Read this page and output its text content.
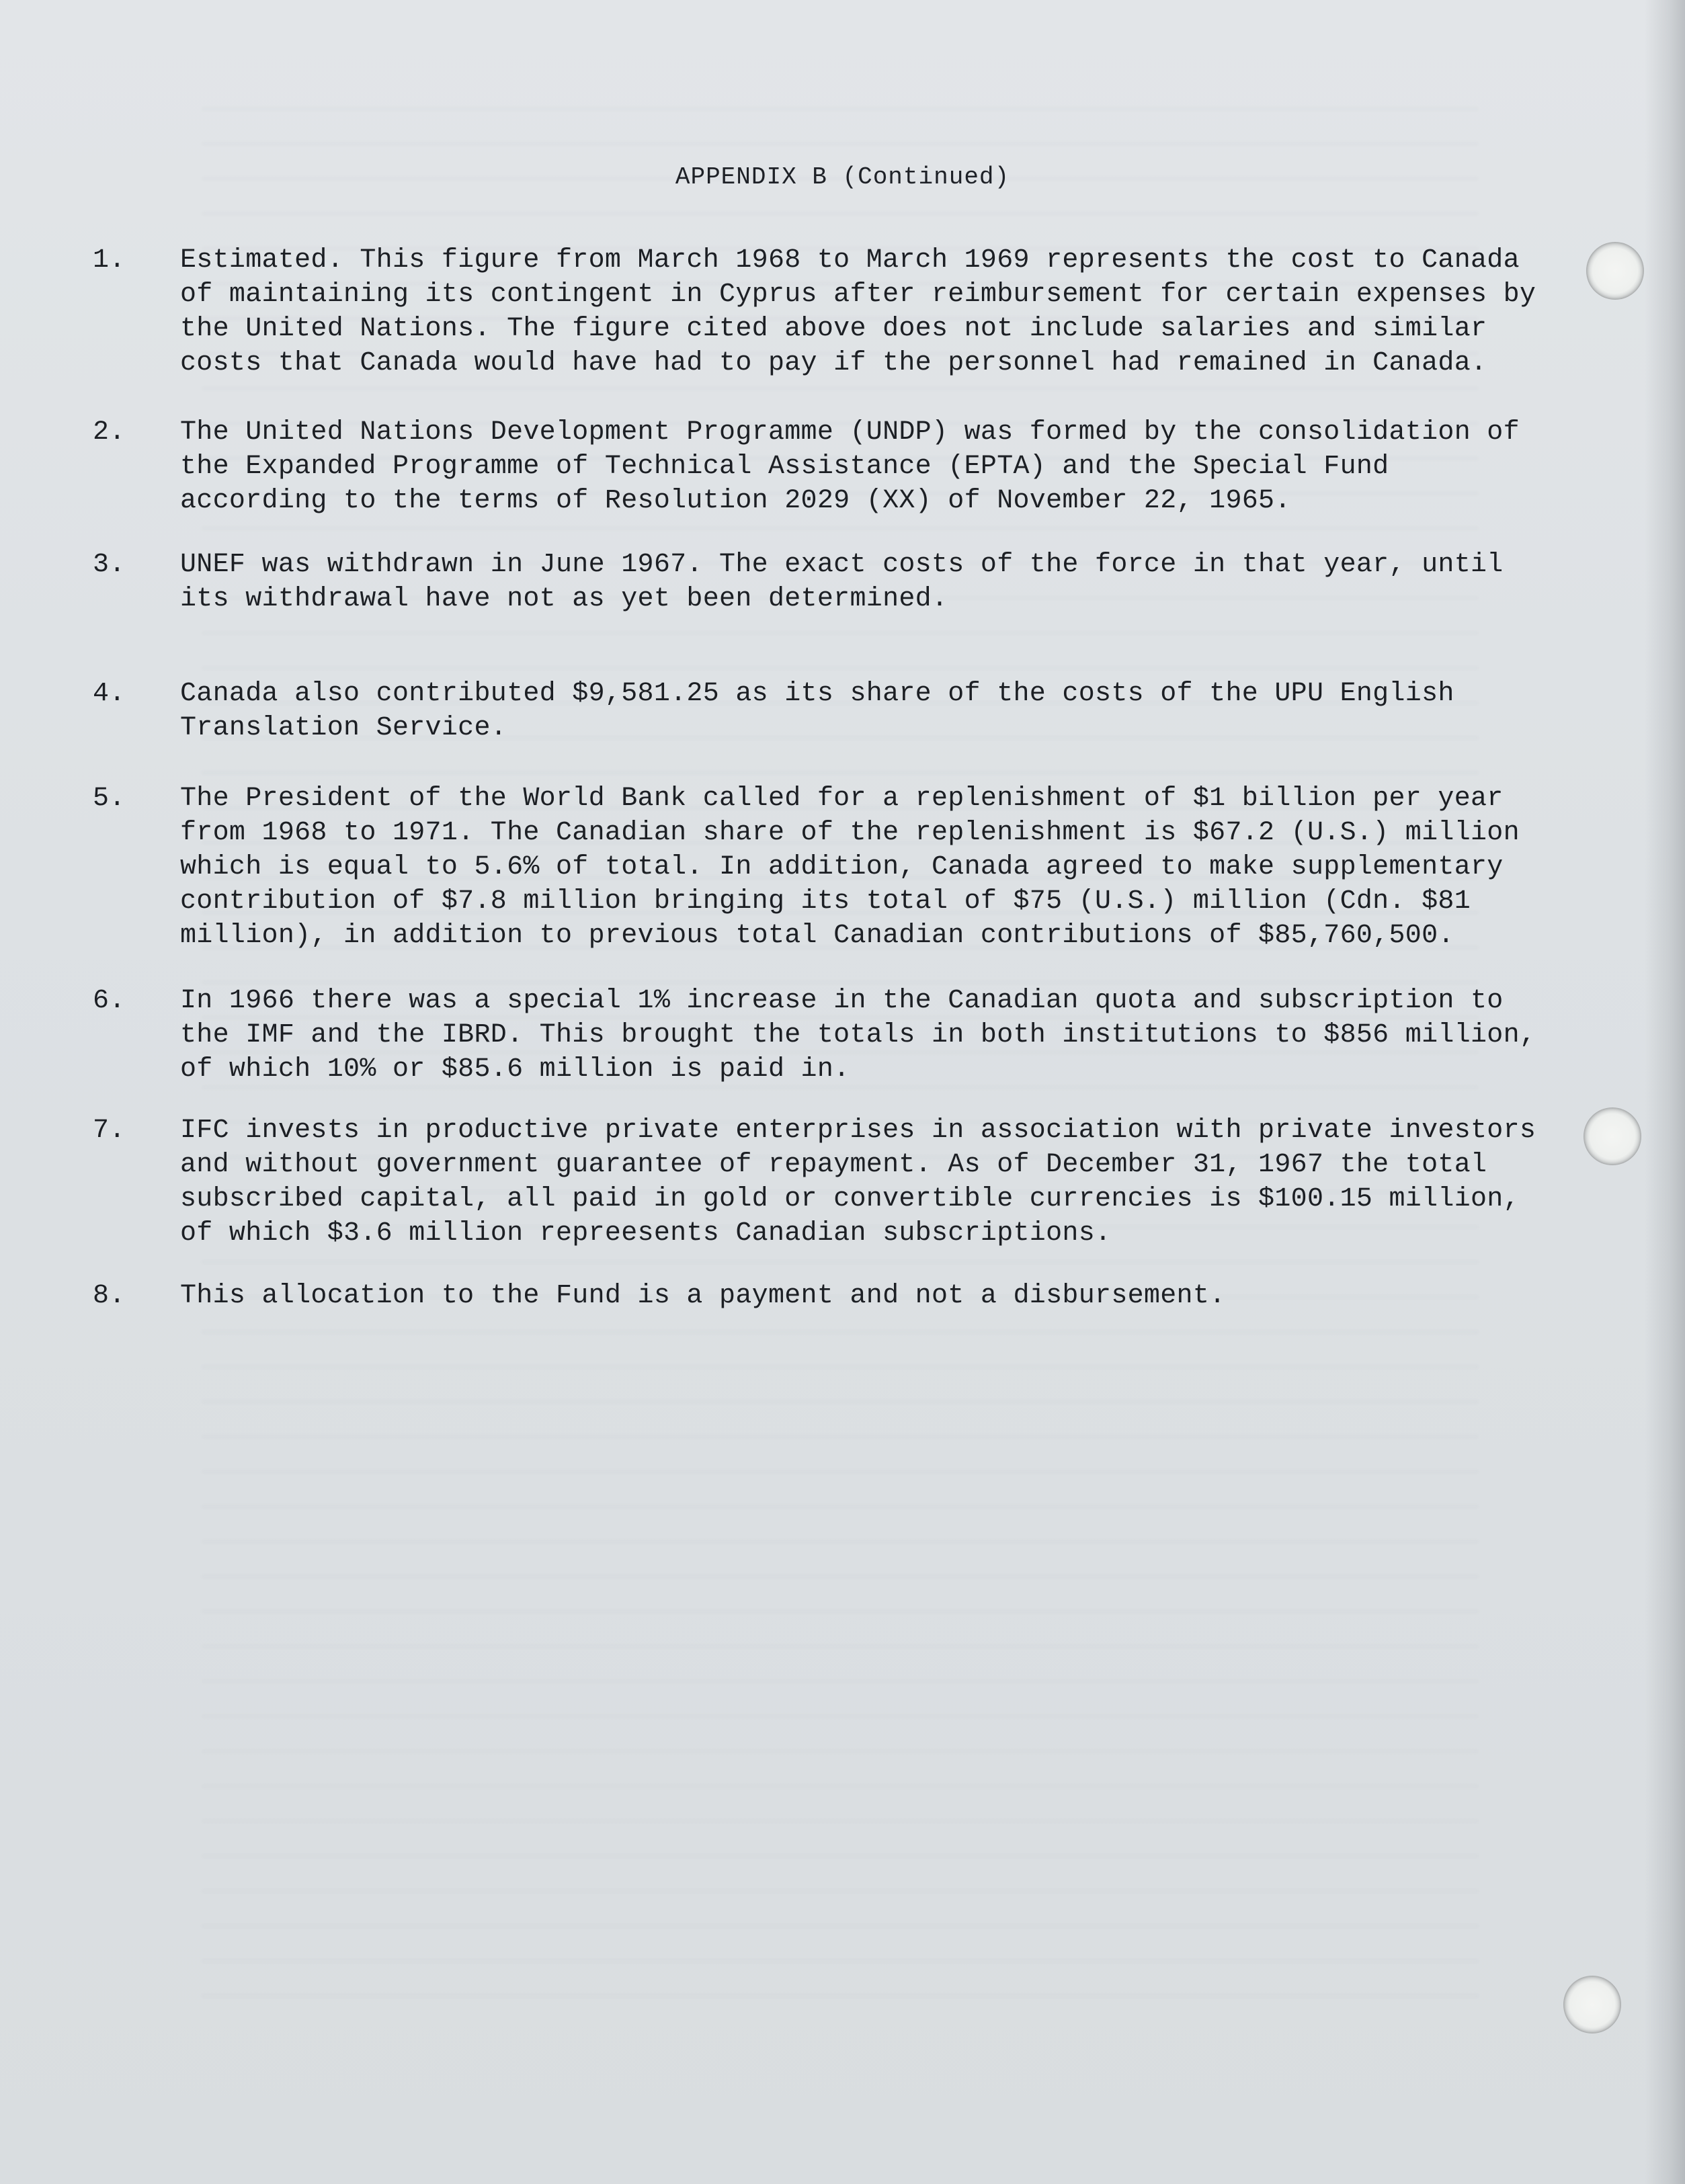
APPENDIX B (Continued)
1. Estimated. This figure from March 1968 to March 1969 represents the cost to Canada of maintaining its contingent in Cyprus after reimbursement for certain expenses by the United Nations. The figure cited above does not include salaries and similar costs that Canada would have had to pay if the personnel had remained in Canada.
2. The United Nations Development Programme (UNDP) was formed by the consolidation of the Expanded Programme of Technical Assistance (EPTA) and the Special Fund according to the terms of Resolution 2029 (XX) of November 22, 1965.
3. UNEF was withdrawn in June 1967. The exact costs of the force in that year, until its withdrawal have not as yet been determined.
4. Canada also contributed $9,581.25 as its share of the costs of the UPU English Translation Service.
5. The President of the World Bank called for a replenishment of $1 billion per year from 1968 to 1971. The Canadian share of the replenishment is $67.2 (U.S.) million which is equal to 5.6% of total. In addition, Canada agreed to make supplementary contribution of $7.8 million bringing its total of $75 (U.S.) million (Cdn. $81 million), in addition to previous total Canadian contributions of $85,760,500.
6. In 1966 there was a special 1% increase in the Canadian quota and subscription to the IMF and the IBRD. This brought the totals in both institutions to $856 million, of which 10% or $85.6 million is paid in.
7. IFC invests in productive private enterprises in association with private investors and without government guarantee of repayment. As of December 31, 1967 the total subscribed capital, all paid in gold or convertible currencies is $100.15 million, of which $3.6 million repreesents Canadian subscriptions.
8. This allocation to the Fund is a payment and not a disbursement.
